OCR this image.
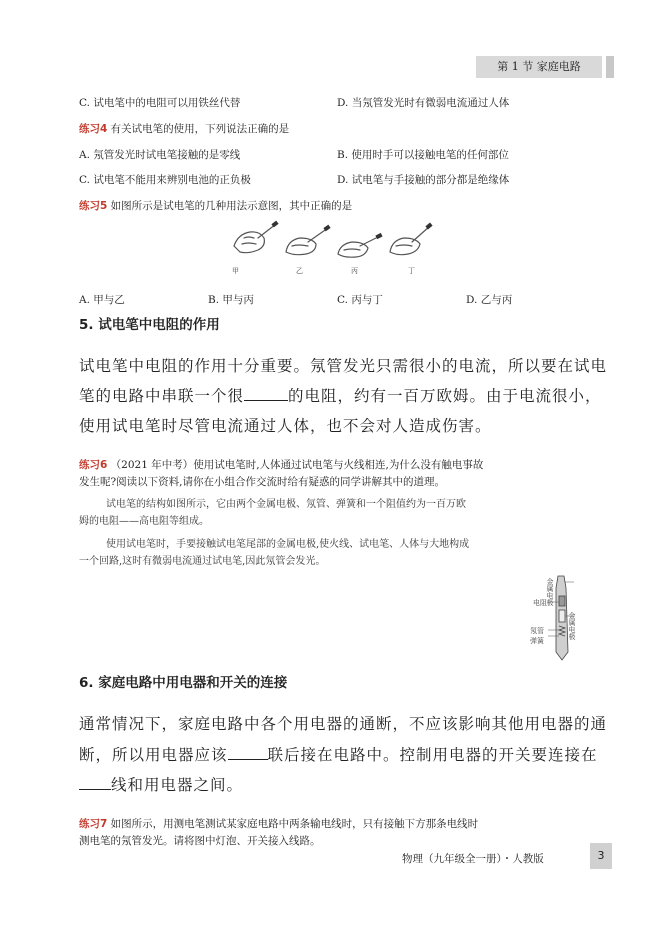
第 1 节 家庭电路
C. 试电笔中的电阻可以用铁丝代替	D. 当氖管发光时有微弱电流通过人体
练习4 有关试电笔的使用，下列说法正确的是
A. 氖管发光时试电笔接触的是零线	B. 使用时手可以接触电笔的任何部位
C. 试电笔不能用来辨别电池的正负极	D. 试电笔与手接触的部分都是绝缘体
练习5 如图所示是试电笔的几种用法示意图，其中正确的是
甲	乙	丙	丁
A. 甲与乙	B. 甲与丙	C. 丙与丁	D. 乙与丙
5. 试电笔中电阻的作用
试电笔中电阻的作用十分重要。氖管发光只需很小的电流，所以要在试电
笔的电路中串联一个很	的电阻，约有一百万欧姆。由于电流很小，
使用试电笔时尽管电流通过人体，也不会对人造成伤害。
练习6 （2021 年中考）使用试电笔时,人体通过试电笔与火线相连,为什么没有触电事故
发生呢?阅读以下资料,请你在小组合作交流时给有疑惑的同学讲解其中的道理。
试电笔的结构如图所示，它由两个金属电极、氖管、弹簧和一个阻值约为一百万欧
姆的电阻——高电阻等组成。
使用试电笔时，手要接触试电笔尾部的金属电极,使火线、试电笔、人体与大地构成
一个回路,这时有微弱电流通过试电笔,因此氖管会发光。
金属电极
电阻
氖管
弹簧
金属电极
6. 家庭电路中用电器和开关的连接
通常情况下，家庭电路中各个用电器的通断，不应该影响其他用电器的通
断，所以用电器应该	联后接在电路中。控制用电器的开关要连接在
线和用电器之间。
练习7 如图所示，用测电笔测试某家庭电路中两条输电线时，只有接触下方那条电线时
测电笔的氖管发光。请将图中灯泡、开关接入线路。
物理（九年级全一册）・人教版	3
